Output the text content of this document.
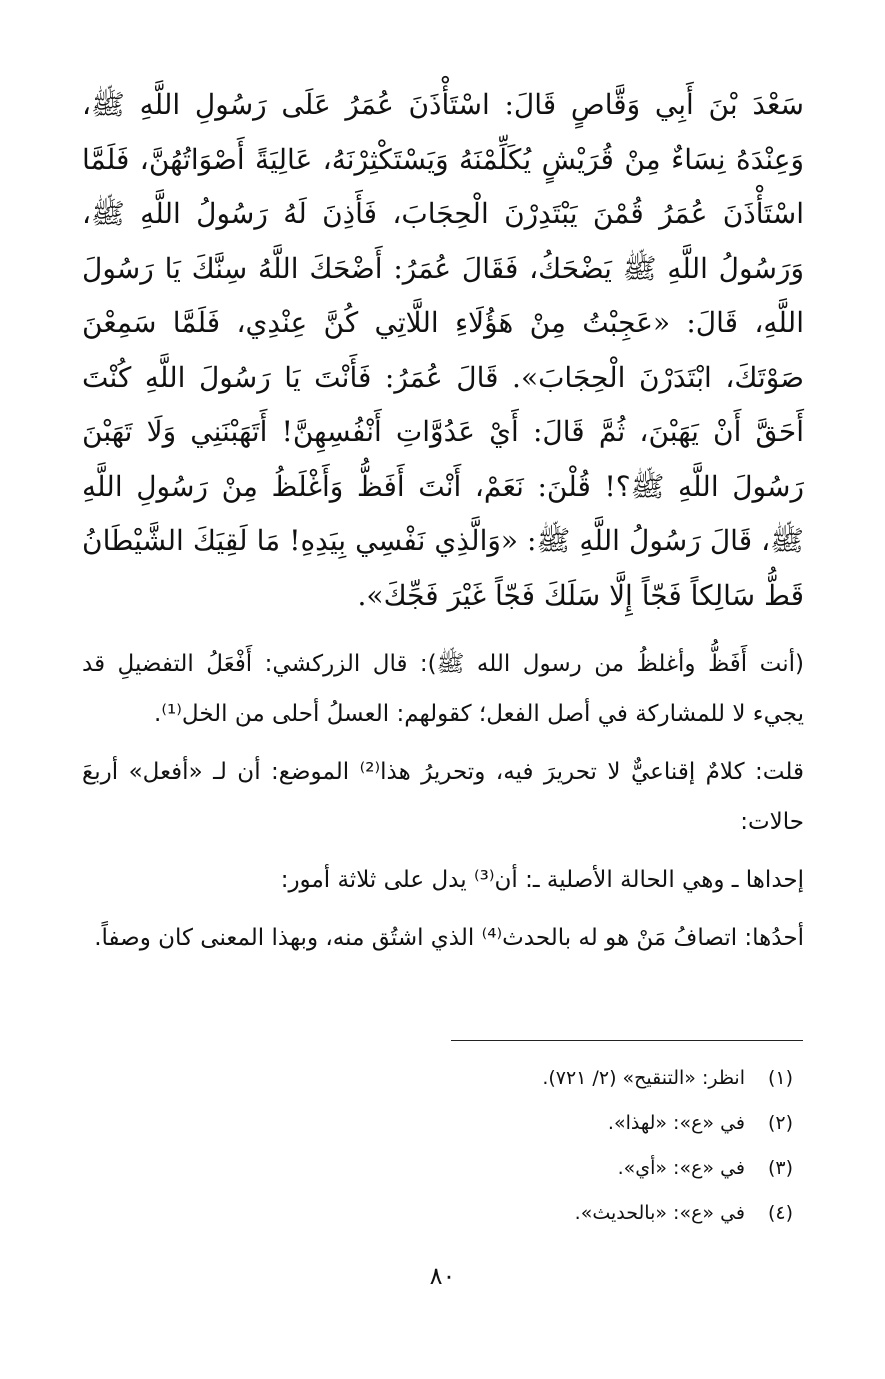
سَعْدَ بْنَ أَبِي وَقَّاصٍ قَالَ: اسْتَأْذَنَ عُمَرُ عَلَى رَسُولِ اللَّهِ ﷺ، وَعِنْدَهُ نِسَاءٌ مِنْ قُرَيْشٍ يُكَلِّمْنَهُ وَيَسْتَكْثِرْنَهُ، عَالِيَةً أَصْوَاتُهُنَّ، فَلَمَّا اسْتَأْذَنَ عُمَرُ قُمْنَ يَبْتَدِرْنَ الْحِجَابَ، فَأَذِنَ لَهُ رَسُولُ اللَّهِ ﷺ، وَرَسُولُ اللَّهِ ﷺ يَضْحَكُ، فَقَالَ عُمَرُ: أَضْحَكَ اللَّهُ سِنَّكَ يَا رَسُولَ اللَّهِ، قَالَ: «عَجِبْتُ مِنْ هَؤُلَاءِ اللَّاتِي كُنَّ عِنْدِي، فَلَمَّا سَمِعْنَ صَوْتَكَ، ابْتَدَرْنَ الْحِجَابَ». قَالَ عُمَرُ: فَأَنْتَ يَا رَسُولَ اللَّهِ كُنْتَ أَحَقَّ أَنْ يَهَبْنَ، ثُمَّ قَالَ: أَيْ عَدُوَّاتِ أَنْفُسِهِنَّ! أَتَهَبْنَنِي وَلَا تَهَبْنَ رَسُولَ اللَّهِ ﷺ؟! قُلْنَ: نَعَمْ، أَنْتَ أَفَظُّ وَأَغْلَظُ مِنْ رَسُولِ اللَّهِ ﷺ، قَالَ رَسُولُ اللَّهِ ﷺ: «وَالَّذِي نَفْسِي بِيَدِهِ! مَا لَقِيَكَ الشَّيْطَانُ قَطُّ سَالِكاً فَجّاً إِلَّا سَلَكَ فَجّاً غَيْرَ فَجِّكَ».

(أنت أَفَظُّ وأغلظُ من رسول الله ﷺ): قال الزركشي: أَفْعَلُ التفضيلِ قد يجيء لا للمشاركة في أصل الفعل؛ كقولهم: العسلُ أحلى من الخل⁽¹⁾.

قلت: كلامٌ إقناعيٌّ لا تحريرَ فيه، وتحريرُ هذا⁽²⁾ الموضع: أن لـ «أفعل» أربعَ حالات:

إحداها ـ وهي الحالة الأصلية ـ: أن⁽³⁾ يدل على ثلاثة أمور:

أحدُها: اتصافُ مَنْ هو له بالحدث⁽⁴⁾ الذي اشتُق منه، وبهذا المعنى كان وصفاً.

(١)
انظر: «التنقيح» (٢/ ٧٢١).
(٢)
في «ع»: «لهذا».
(٣)
في «ع»: «أي».
(٤)
في «ع»: «بالحديث».
٨٠
